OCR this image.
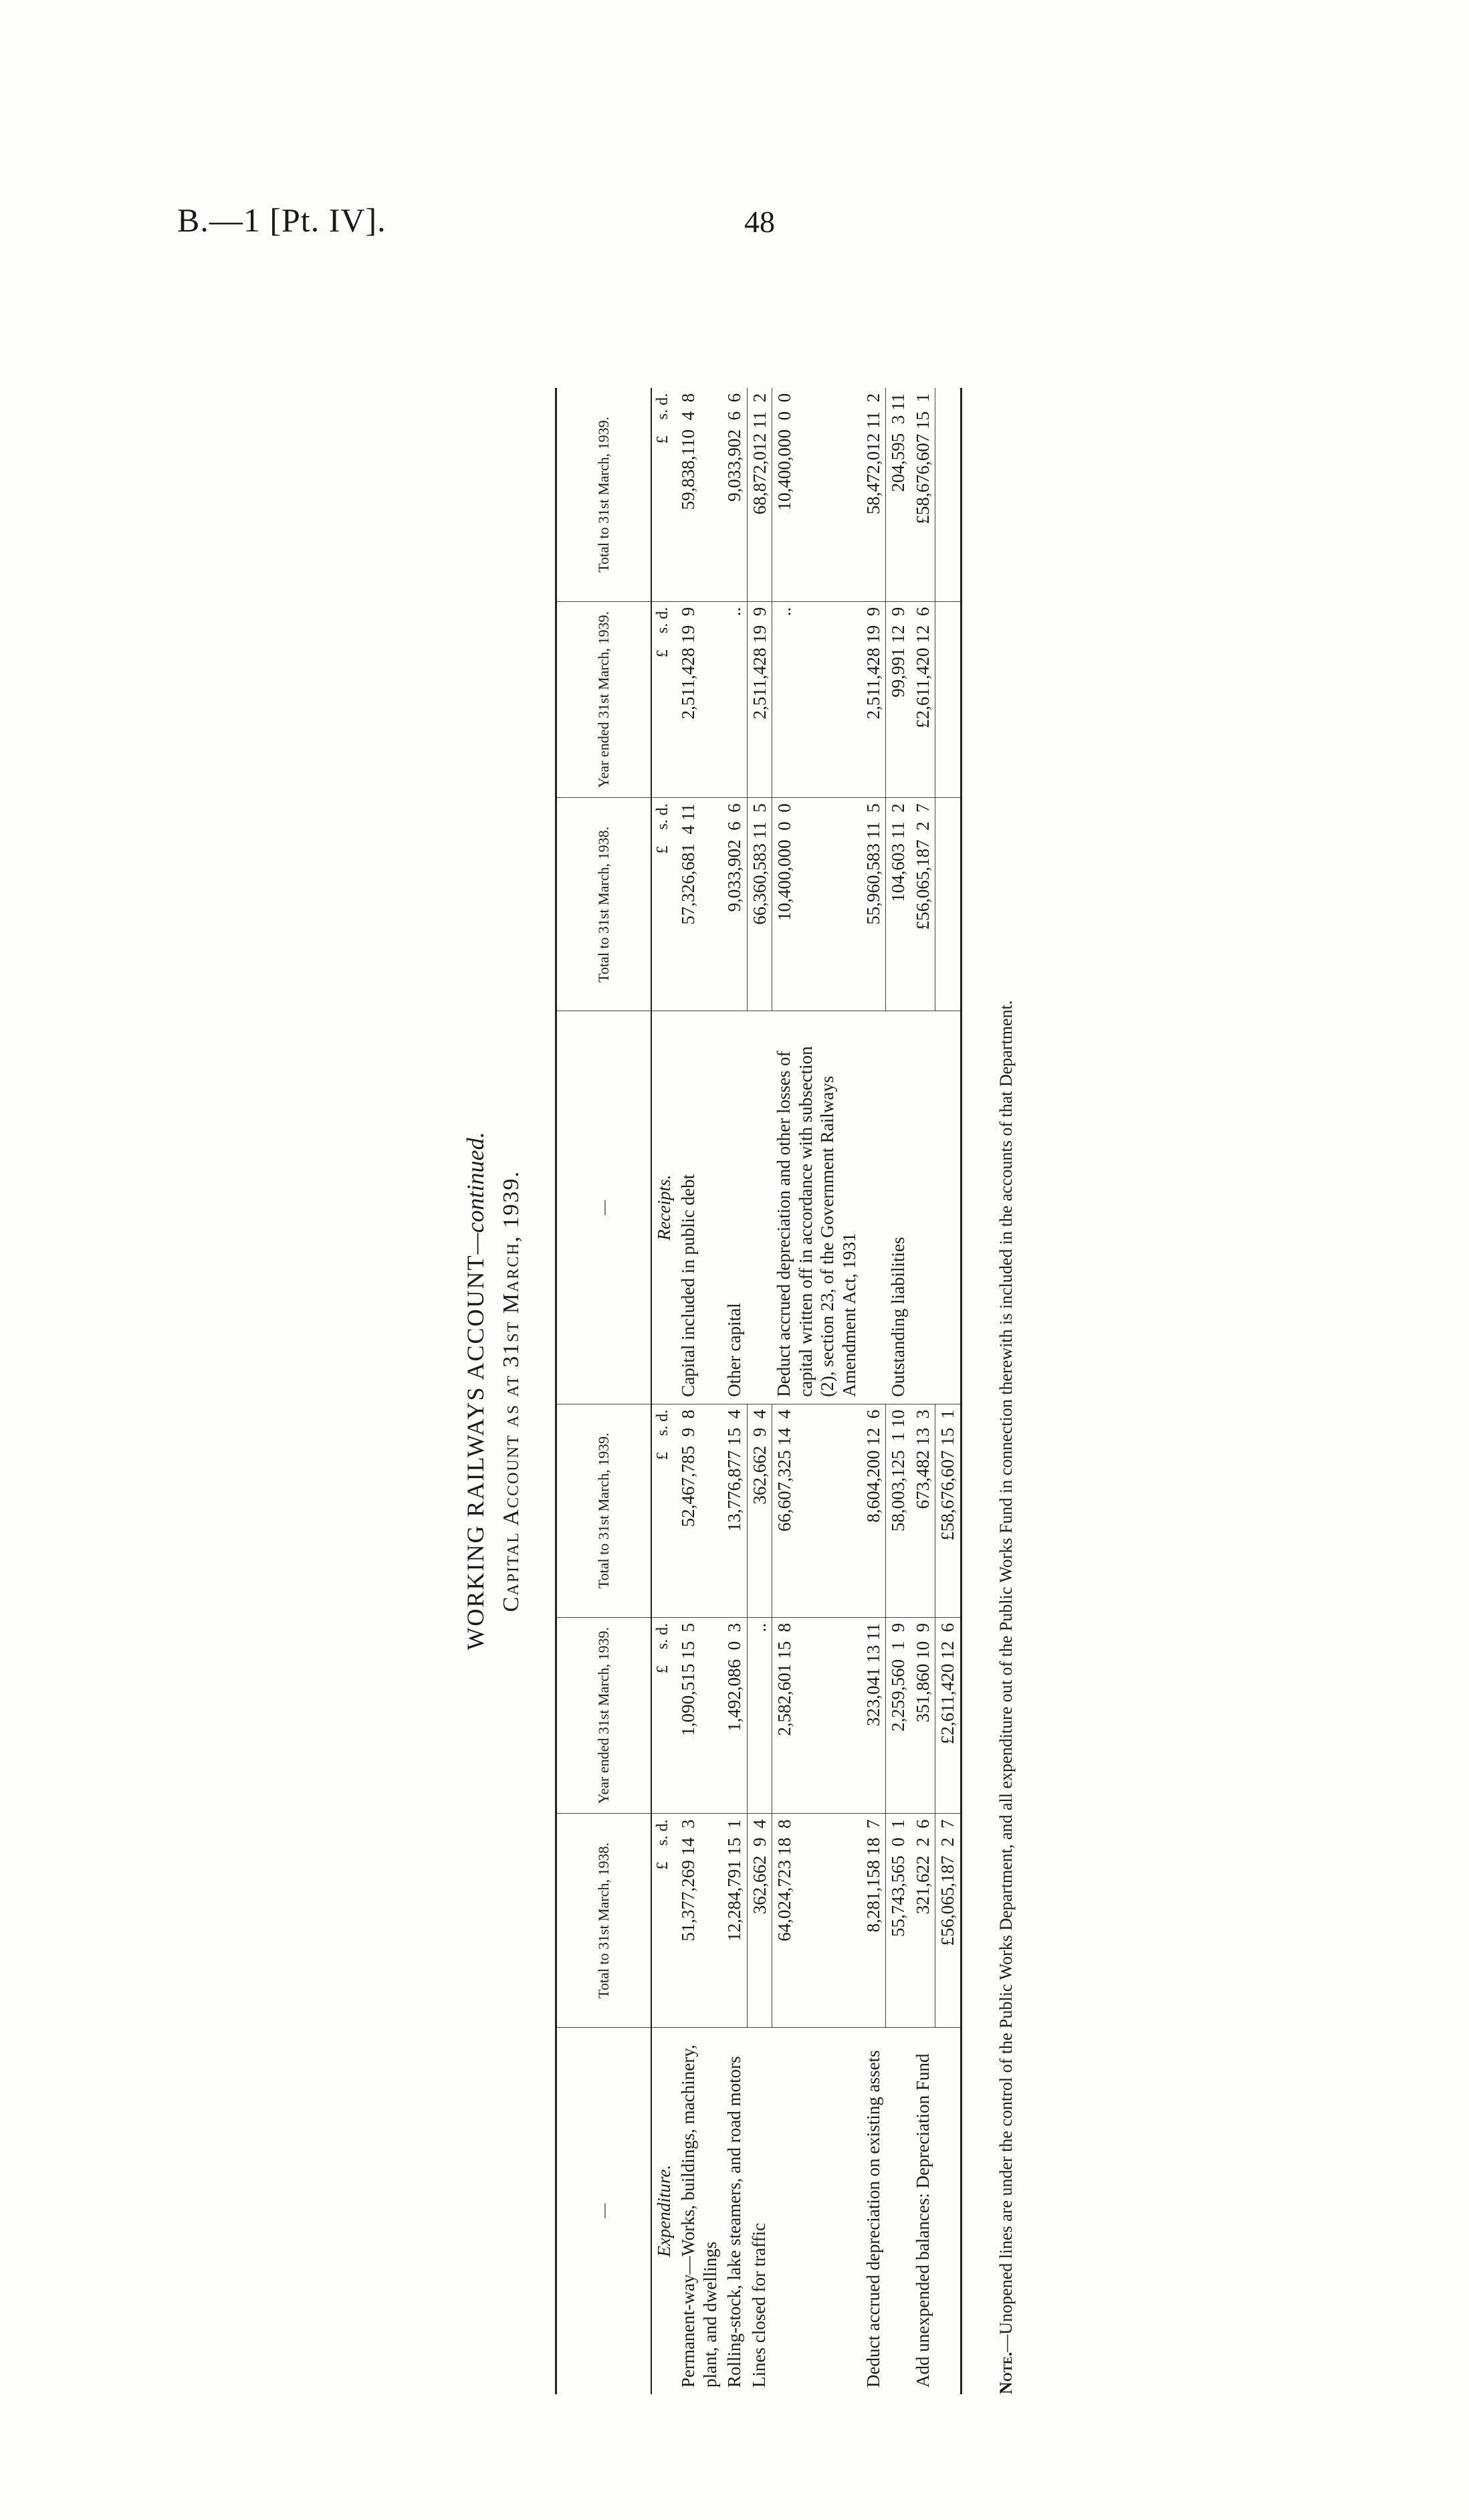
B.—1 [Pt. IV].	48
WORKING RAILWAYS ACCOUNT—continued. Capital Account as at 31st March, 1939.
—	Total to 31st March, 1938.	Year ended 31st March, 1939.	Total to 31st March, 1939.	—	Total to 31st March, 1938.	Year ended 31st March, 1939.	Total to 31st March, 1939.
Expenditure.	£    s. d.	£    s. d.	£    s. d.	Receipts.	£    s. d.	£    s. d.	£    s. d.
Permanent-way—Works, buildings, machinery, plant, and dwellings	51,377,269 14  3	1,090,515 15  5	52,467,785  9  8	Capital included in public debt	57,326,681  4 11	2,511,428 19  9	59,838,110  4  8
Rolling-stock, lake steamers, and road motors	12,284,791 15  1	1,492,086  0  3	13,776,877 15  4	Other capital	9,033,902  6  6	..	9,033,902  6  6
Lines closed for traffic	362,662  9  4	..	362,662  9  4		66,360,583 11  5	2,511,428 19  9	68,872,012 11  2
	64,024,723 18  8	2,582,601 15  8	66,607,325 14  4	Deduct accrued depreciation and other losses of capital written off in accordance with subsection (2), section 23, of the Government Railways Amendment Act, 1931	10,400,000  0  0	..	10,400,000  0  0
Deduct accrued depreciation on existing assets	8,281,158 18  7	323,041 13 11	8,604,200 12  6		55,960,583 11  5	2,511,428 19  9	58,472,012 11  2
	55,743,565  0  1	2,259,560  1  9	58,003,125  1 10	Outstanding liabilities	104,603 11  2	99,991 12  9	204,595  3 11
Add unexpended balances: Depreciation Fund	321,622  2  6	351,860 10  9	673,482 13  3		£56,065,187  2  7	£2,611,420 12  6	£58,676,607 15  1
	£56,065,187  2  7	£2,611,420 12  6	£58,676,607 15  1				
Note.—Unopened lines are under the control of the Public Works Department, and all expenditure out of the Public Works Fund in connection therewith is included in the accounts of that Department.
